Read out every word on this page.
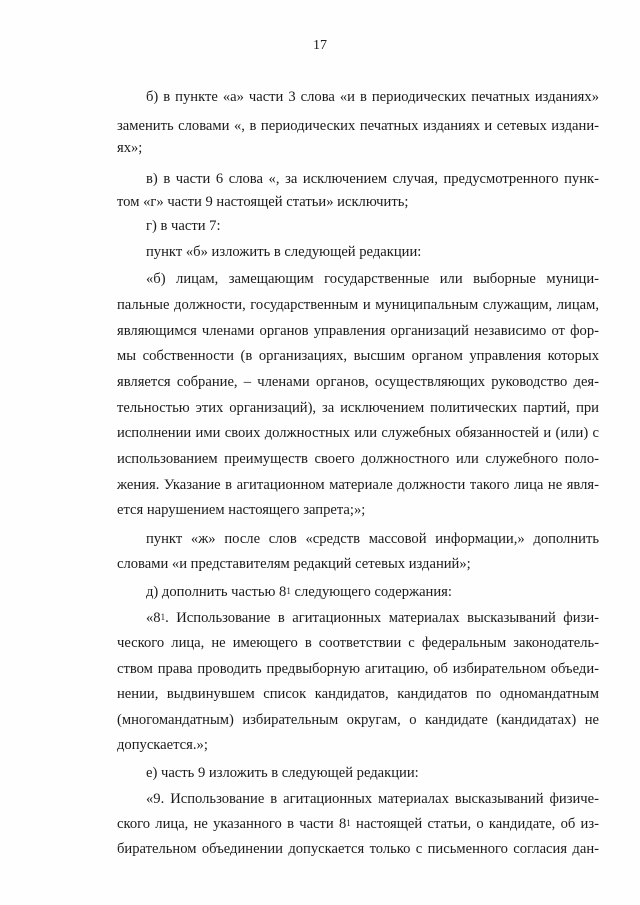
17
б) в пункте «а» части 3 слова «и в периодических печатных изданиях»
заменить словами «, в периодических печатных изданиях и сетевых издани-
ях»;
в) в части 6 слова «, за исключением случая, предусмотренного пунк-
том «г» части 9 настоящей статьи» исключить;
г) в части 7:
пункт «б» изложить в следующей редакции:
«б) лицам, замещающим государственные или выборные муници-
пальные должности, государственным и муниципальным служащим, лицам,
являющимся членами органов управления организаций независимо от фор-
мы собственности (в организациях, высшим органом управления которых
является собрание, – членами органов, осуществляющих руководство дея-
тельностью этих организаций), за исключением политических партий, при
исполнении ими своих должностных или служебных обязанностей и (или) с
использованием преимуществ своего должностного или служебного поло-
жения. Указание в агитационном материале должности такого лица не явля-
ется нарушением настоящего запрета;»;
пункт «ж» после слов «средств массовой информации,» дополнить
словами «и представителям редакций сетевых изданий»;
д) дополнить частью $8^1$ следующего содержания:
«$8^1$. Использование в агитационных материалах высказываний физи-
ческого лица, не имеющего в соответствии с федеральным законодатель-
ством права проводить предвыборную агитацию, об избирательном объеди-
нении, выдвинувшем список кандидатов, кандидатов по одномандатным
(многомандатным) избирательным округам, о кандидате (кандидатах) не
допускается.»;
е) часть 9 изложить в следующей редакции:
«9. Использование в агитационных материалах высказываний физиче-
ского лица, не указанного в части $8^1$ настоящей статьи, о кандидате, об из-
бирательном объединении допускается только с письменного согласия дан-
